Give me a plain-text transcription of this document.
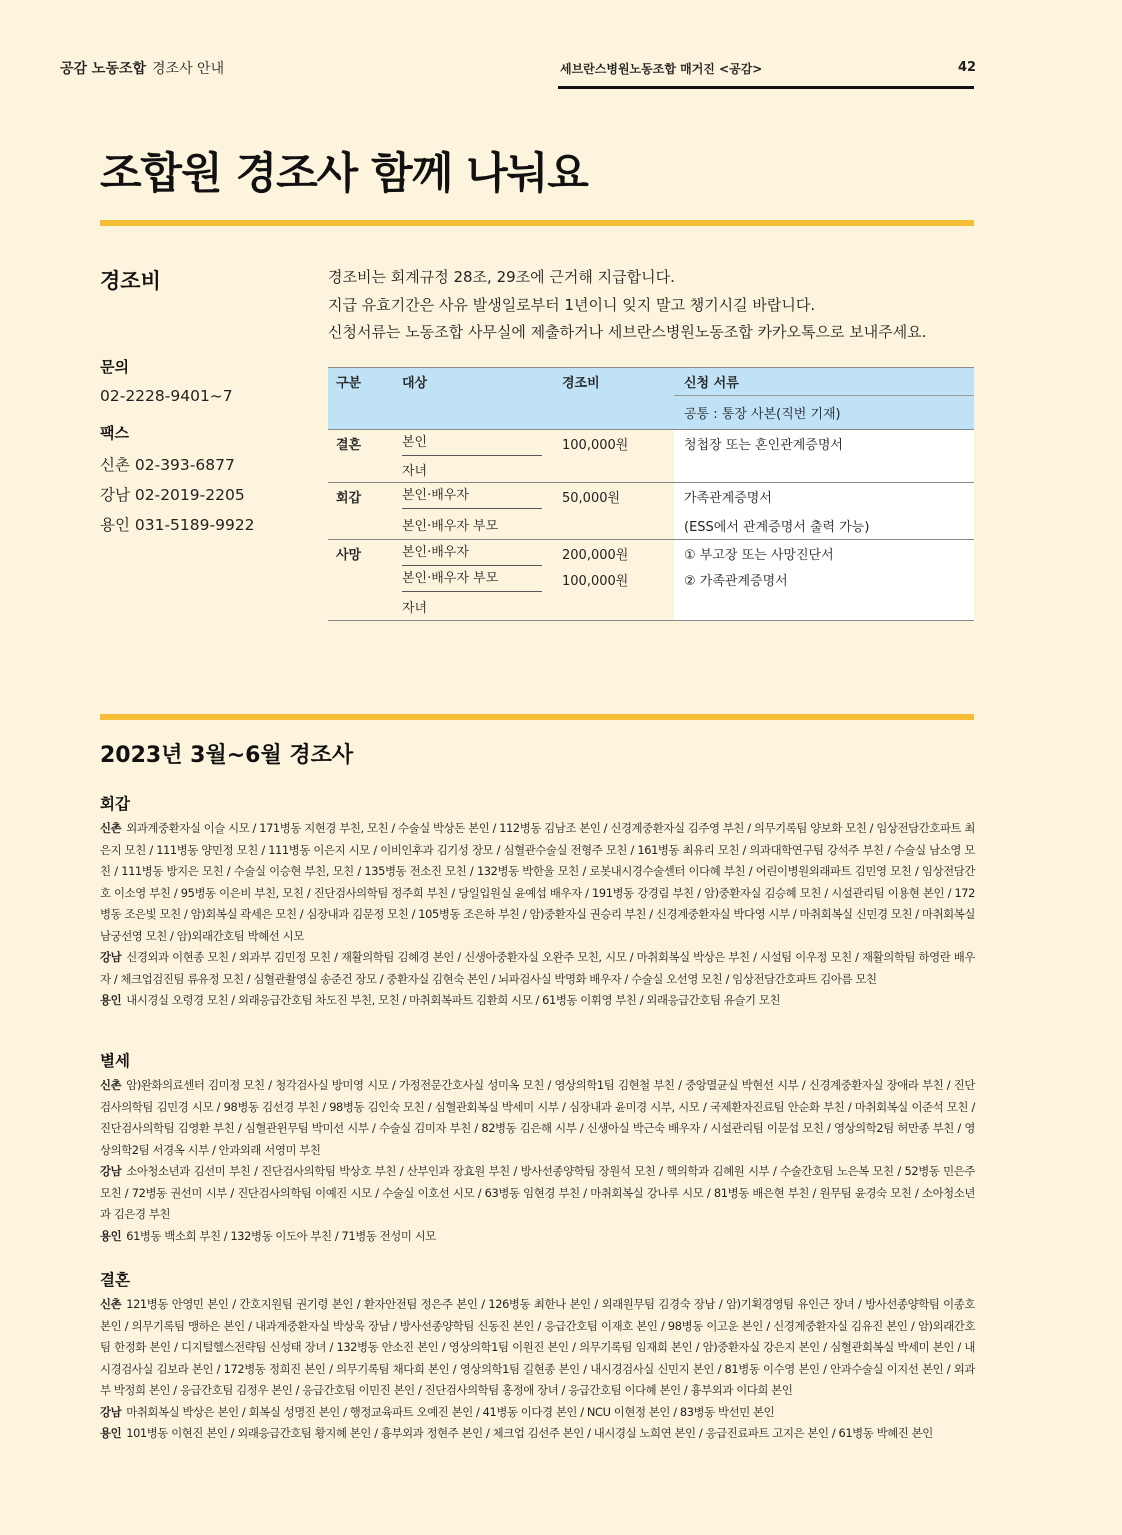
공감 노동조합 경조사 안내	세브란스병원노동조합 매거진 <공감>	42
조합원 경조사 함께 나눠요
경조비	경조비는 회계규정 28조, 29조에 근거해 지급합니다.
지급 유효기간은 사유 발생일로부터 1년이니 잊지 말고 챙기시길 바랍니다.
신청서류는 노동조합 사무실에 제출하거나 세브란스병원노동조합 카카오톡으로 보내주세요.
문의
02-2228-9401~7
팩스
신촌 02-393-6877
강남 02-2019-2205
용인 031-5189-9922
구분	대상	경조비	신청 서류
			공통 : 통장 사본(직번 기재)
결혼	본인	100,000원	청첩장 또는 혼인관계증명서
	자녀		
회갑	본인·배우자	50,000원	가족관계증명서
	본인·배우자 부모		(ESS에서 관계증명서 출력 가능)
사망	본인·배우자	200,000원	① 부고장 또는 사망진단서

	본인·배우자 부모	100,000원	② 가족관계증명서
	자녀		
2023년 3월~6월 경조사
회갑

신촌 외과계중환자실 이슬 시모 / 171병동 지현경 부친, 모친 / 수술실 박상돈 본인 / 112병동 김남조 본인 / 신경계중환자실 김주영 부친 / 의무기록팀 양보화 모친 / 임상전담간호파트 최은지 모친 / 111병동 양민정 모친 / 111병동 이은지 시모 / 이비인후과 김기성 장모 / 심혈관수술실 전형주 모친 / 161병동 최유리 모친 / 의과대학연구팀 강석주 부친 / 수술실 남소영 모친 / 111병동 방지은 모친 / 수술실 이승현 부친, 모친 / 135병동 전소진 모친 / 132병동 박한울 모친 / 로봇내시경수술센터 이다혜 부친 / 어린이병원외래파트 김민영 모친 / 임상전담간호 이소영 부친 / 95병동 이은비 부친, 모친 / 진단검사의학팀 정주희 부친 / 당일입원실 윤예섭 배우자 / 191병동 강경림 부친 / 암)중환자실 김승혜 모친 / 시설관리팀 이용현 본인 / 172병동 조은빛 모친 / 암)회복실 곽세은 모친 / 심장내과 김문정 모친 / 105병동 조은하 부친 / 암)중환자실 권승리 부친 / 신경계중환자실 박다영 시부 / 마취회복실 신민경 모친 / 마취회복실 남궁선영 모친 / 암)외래간호팀 박혜선 시모

강남 신경외과 이현종 모친 / 외과부 김민정 모친 / 재활의학팀 김혜경 본인 / 신생아중환자실 오완주 모친, 시모 / 마취회복실 박상은 부친 / 시설팀 이우정 모친 / 재활의학팀 하영란 배우자 / 체크업검진팀 류유정 모친 / 심혈관촬영실 송준건 장모 / 중환자실 김현숙 본인 / 뇌파검사실 박명화 배우자 / 수술실 오선영 모친 / 임상전담간호파트 김아름 모친

용인 내시경실 오령경 모친 / 외래응급간호팀 차도진 부친, 모친 / 마취회복파트 김환희 시모 / 61병동 이휘영 부친 / 외래응급간호팀 유슬기 모친

별세

신촌 암)완화의료센터 김미정 모친 / 청각검사실 방미영 시모 / 가정전문간호사실 성미옥 모친 / 영상의학1팀 김현철 부친 / 중앙멸균실 박현선 시부 / 신경계중환자실 장애라 부친 / 진단검사의학팀 김민경 시모 / 98병동 김선경 부친 / 98병동 김인숙 모친 / 심혈관회복실 박세미 시부 / 심장내과 윤미경 시부, 시모 / 국제환자진료팀 안순화 부친 / 마취회복실 이준석 모친 / 진단검사의학팀 김영환 부친 / 심혈관윈무팀 박미선 시부 / 수술실 김미자 부친 / 82병동 김은해 시부 / 신생아실 박근숙 배우자 / 시설관리팀 이문섭 모친 / 영상의학2팀 허만종 부친 / 영상의학2팀 서경옥 시부 / 안과외래 서영미 부친

강남 소아청소년과 김선미 부친 / 진단검사의학팀 박상호 부친 / 산부인과 장효원 부친 / 방사선종양학팀 장원석 모친 / 핵의학과 김혜원 시부 / 수술간호팀 노은복 모친 / 52병동 민은주 모친 / 72병동 권선미 시부 / 진단검사의학팀 이예진 시모 / 수술실 이호선 시모 / 63병동 임현경 부친 / 마취회복실 강나루 시모 / 81병동 배은현 부친 / 원무팀 윤경숙 모친 / 소아청소년과 김은경 부친

용인 61병동 백소희 부친 / 132병동 이도아 부친 / 71병동 전성미 시모

결혼

신촌 121병동 안영민 본인 / 간호지원팀 권기령 본인 / 환자안전팀 정은주 본인 / 126병동 최한나 본인 / 외래원무팀 김경숙 장남 / 암)기획경영팀 유인근 장녀 / 방사선종양학팀 이종호 본인 / 의무기록팀 맹하은 본인 / 내과계중환자실 박상욱 장남 / 방사선종양학팀 신동진 본인 / 응급간호팀 이재호 본인 / 98병동 이고운 본인 / 신경계중환자실 김유진 본인 / 암)외래간호팀 한정화 본인 / 디지털헬스전략팀 신성태 장녀 / 132병동 안소진 본인 / 영상의학1팀 이원진 본인 / 의무기록팀 임재희 본인 / 암)중환자실 강은지 본인 / 심혈관회복실 박세미 본인 / 내시경검사실 김보라 본인 / 172병동 정희진 본인 / 의무기록팀 채다희 본인 / 영상의학1팀 길현종 본인 / 내시경검사실 신민지 본인 / 81병동 이수영 본인 / 안과수술실 이지선 본인 / 외과부 박정희 본인 / 응급간호팀 김정우 본인 / 응급간호팀 이민진 본인 / 진단검사의학팀 홍정애 장녀 / 응급간호팀 이다혜 본인 / 흉부외과 이다희 본인

강남 마취회복실 박상은 본인 / 회복실 성명진 본인 / 행정교육파트 오예진 본인 / 41병동 이다경 본인 / NCU 이현정 본인 / 83병동 박선민 본인

용인 101병동 이현진 본인 / 외래응급간호팀 황지혜 본인 / 흉부외과 정현주 본인 / 체크업 김선주 본인 / 내시경실 노희연 본인 / 응급진료파트 고지은 본인 / 61병동 박혜진 본인
